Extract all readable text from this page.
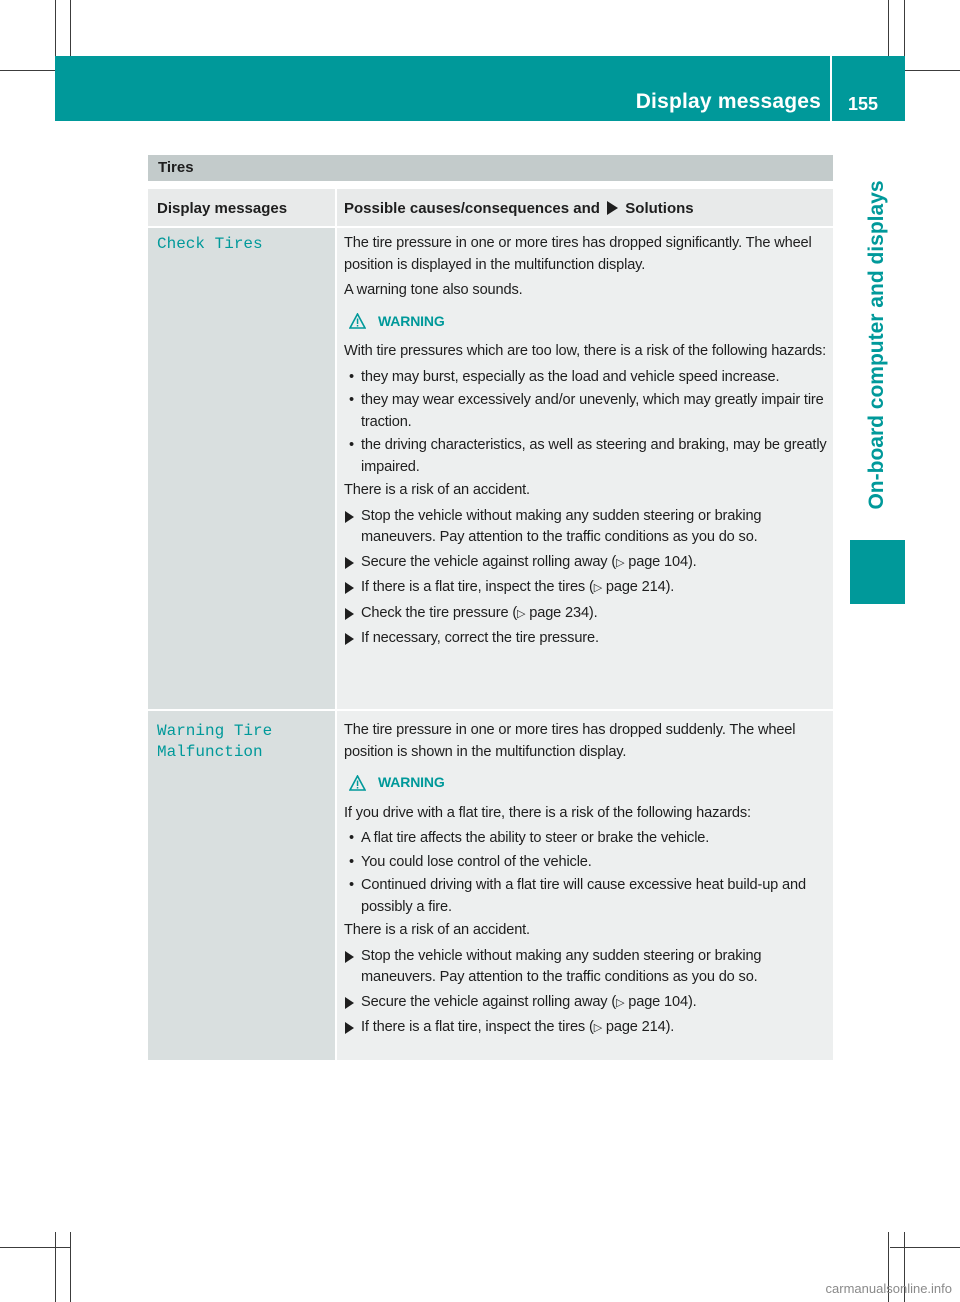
Display messages 155
On-board computer and displays
Tires
Display messages	Possible causes/consequences and Solutions
Check Tires	The tire pressure in one or more tires has dropped significantly. The wheel position is displayed in the multifunction display.

A warning tone also sounds.

WARNING

With tire pressures which are too low, there is a risk of the following hazards:

• they may burst, especially as the load and vehicle speed increase.

• they may wear excessively and/or unevenly, which may greatly impair tire traction.

• the driving characteristics, as well as steering and braking, may be greatly impaired.

There is a risk of an accident.

Stop the vehicle without making any sudden steering or braking maneuvers. Pay attention to the traffic conditions as you do so.

Secure the vehicle against rolling away (▷ page 104).

If there is a flat tire, inspect the tires (▷ page 214).

Check the tire pressure (▷ page 234).

If necessary, correct the tire pressure.

Warning Tire
Malfunction

The tire pressure in one or more tires has dropped suddenly. The wheel position is shown in the multifunction display.

WARNING

If you drive with a flat tire, there is a risk of the following hazards:

• A flat tire affects the ability to steer or brake the vehicle.

• You could lose control of the vehicle.

• Continued driving with a flat tire will cause excessive heat build-up and possibly a fire.

There is a risk of an accident.

Stop the vehicle without making any sudden steering or braking maneuvers. Pay attention to the traffic conditions as you do so.

Secure the vehicle against rolling away (▷ page 104).

If there is a flat tire, inspect the tires (▷ page 214).

carmanualsonline.info
